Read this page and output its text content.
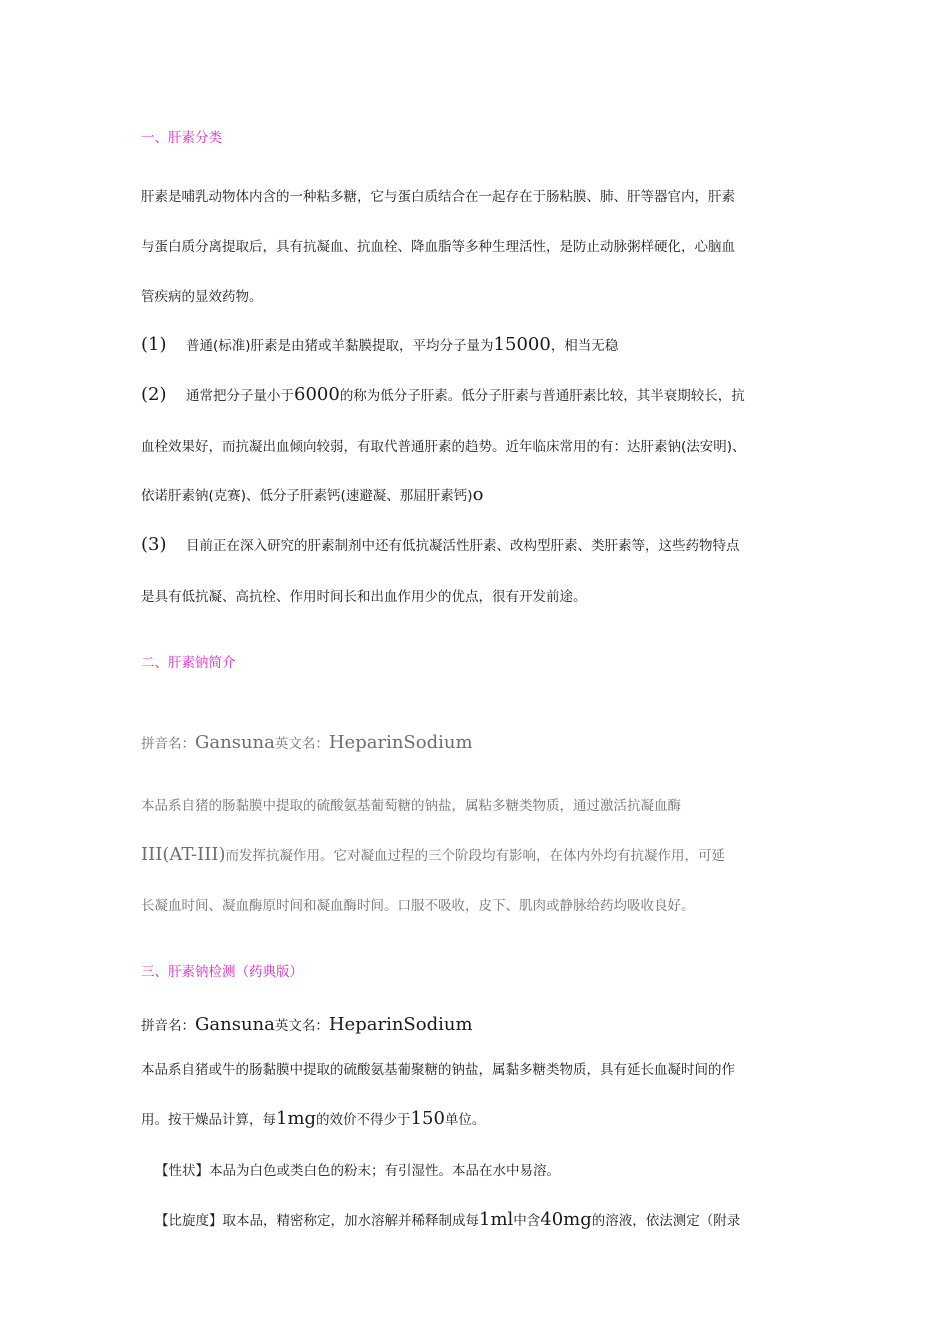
一、肝素分类
肝素是哺乳动物体内含的一种粘多糖，它与蛋白质结合在一起存在于肠粘膜、肺、肝等器官内，肝素
与蛋白质分离提取后，具有抗凝血、抗血栓、降血脂等多种生理活性，是防止动脉粥样硬化，心脑血
管疾病的显效药物。
(1) 普通(标准)肝素是由猪或羊黏膜提取，平均分子量为15000，相当无稳
(2) 通常把分子量小于6000的称为低分子肝素。低分子肝素与普通肝素比较，其半衰期较长，抗
血栓效果好，而抗凝出血倾向较弱，有取代普通肝素的趋势。近年临床常用的有：达肝素钠(法安明)、
依诺肝素钠(克赛)、低分子肝素钙(速避凝、那屈肝素钙)o
(3) 目前正在深入研究的肝素制剂中还有低抗凝活性肝素、改构型肝素、类肝素等，这些药物特点
是具有低抗凝、高抗栓、作用时间长和出血作用少的优点，很有开发前途。
二、肝素钠简介
拼音名：Gansuna英文名：HeparinSodium
本品系自猪的肠黏膜中提取的硫酸氨基葡萄糖的钠盐，属粘多糖类物质，通过激活抗凝血酶
III(AT-III)而发挥抗凝作用。它对凝血过程的三个阶段均有影响，在体内外均有抗凝作用，可延
长凝血时间、凝血酶原时间和凝血酶时间。口服不吸收，皮下、肌肉或静脉给药均吸收良好。
三、肝素钠检测（药典版）
拼音名：Gansuna英文名：HeparinSodium
本品系自猪或牛的肠黏膜中提取的硫酸氨基葡聚糖的钠盐，属黏多糖类物质，具有延长血凝时间的作
用。按干燥品计算，每1mg的效价不得少于150单位。
【性状】本品为白色或类白色的粉末；有引湿性。本品在水中易溶。
【比旋度】取本品，精密称定，加水溶解并稀释制成每1ml中含40mg的溶液，依法测定（附录
